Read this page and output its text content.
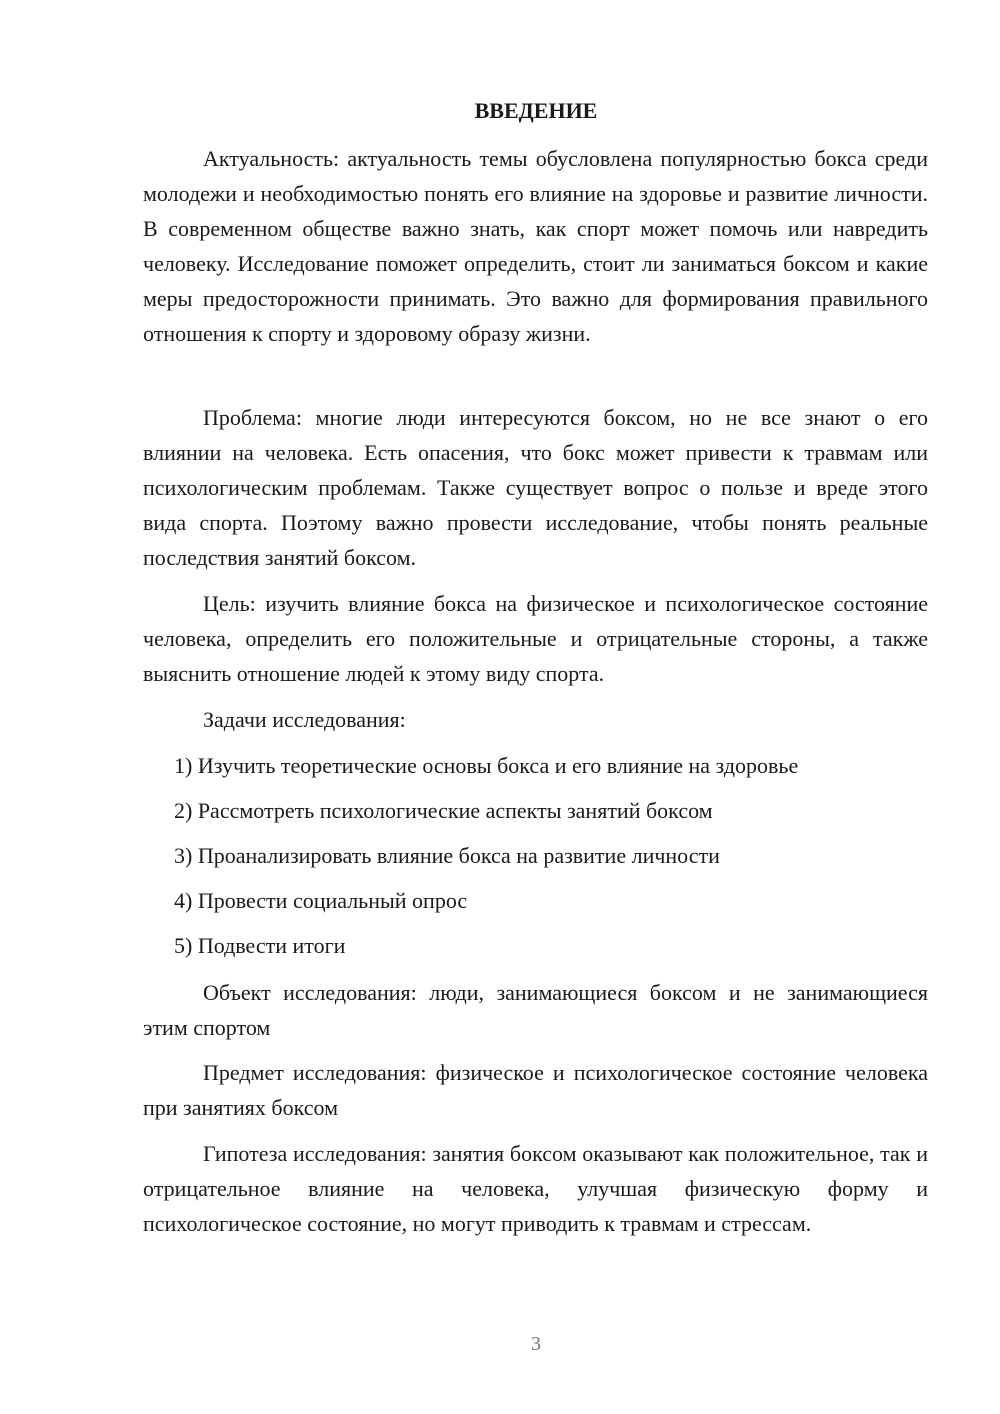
ВВЕДЕНИЕ

Актуальность: актуальность темы обусловлена популярностью бокса среди молодежи и необходимостью понять его влияние на здоровье и развитие личности. В современном обществе важно знать, как спорт может помочь или навредить человеку. Исследование поможет определить, стоит ли заниматься боксом и какие меры предосторожности принимать. Это важно для формирования правильного отношения к спорту и здоровому образу жизни.

Проблема: многие люди интересуются боксом, но не все знают о его влиянии на человека. Есть опасения, что бокс может привести к травмам или психологическим проблемам. Также существует вопрос о пользе и вреде этого вида спорта. Поэтому важно провести исследование, чтобы понять реальные последствия занятий боксом.

Цель: изучить влияние бокса на физическое и психологическое состояние человека, определить его положительные и отрицательные стороны, а также выяснить отношение людей к этому виду спорта.

Задачи исследования:

1) Изучить теоретические основы бокса и его влияние на здоровье

2) Рассмотреть психологические аспекты занятий боксом

3) Проанализировать влияние бокса на развитие личности

4) Провести социальный опрос

5) Подвести итоги

Объект исследования: люди, занимающиеся боксом и не занимающиеся этим спортом

Предмет исследования: физическое и психологическое состояние человека при занятиях боксом

Гипотеза исследования: занятия боксом оказывают как положительное, так и отрицательное влияние на человека, улучшая физическую форму и психологическое состояние, но могут приводить к травмам и стрессам.

3
